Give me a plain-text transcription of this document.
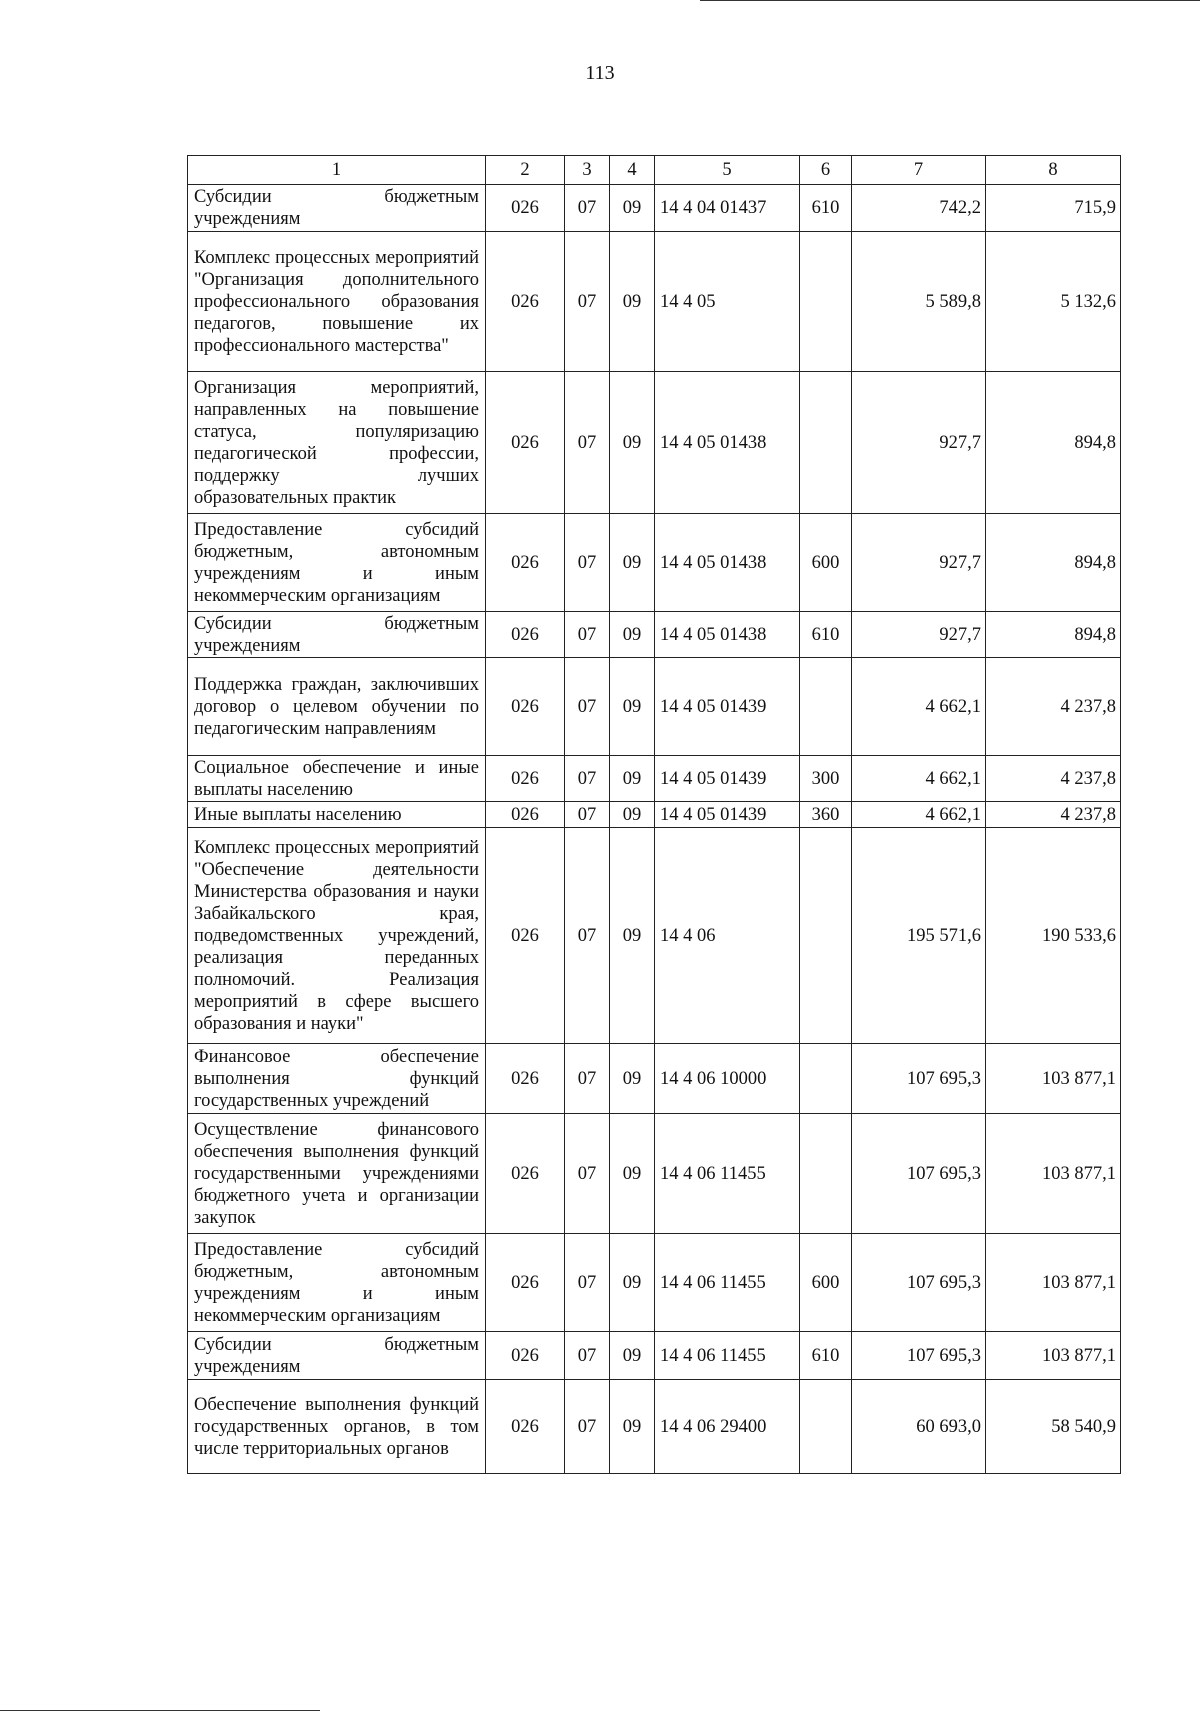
113
1	2	3	4	5	6	7	8
Субсидии бюджетным учреждениям	026	07	09	14 4 04 01437	610	742,2	715,9
Комплекс процессных мероприятий "Организация дополнительного профессионального образования педагогов, повышение их профессионального мастерства"	026	07	09	14 4 05		5 589,8	5 132,6
Организация мероприятий, направленных на повышение статуса, популяризацию педагогической профессии, поддержку лучших образовательных практик	026	07	09	14 4 05 01438		927,7	894,8
Предоставление субсидий бюджетным, автономным учреждениям и иным некоммерческим организациям	026	07	09	14 4 05 01438	600	927,7	894,8
Субсидии бюджетным учреждениям	026	07	09	14 4 05 01438	610	927,7	894,8
Поддержка граждан, заключивших договор о целевом обучении по педагогическим направлениям	026	07	09	14 4 05 01439		4 662,1	4 237,8
Социальное обеспечение и иные выплаты населению	026	07	09	14 4 05 01439	300	4 662,1	4 237,8
Иные выплаты населению	026	07	09	14 4 05 01439	360	4 662,1	4 237,8
Комплекс процессных мероприятий "Обеспечение деятельности Министерства образования и науки Забайкальского края, подведомственных учреждений, реализация переданных полномочий. Реализация мероприятий в сфере высшего образования и науки"	026	07	09	14 4 06		195 571,6	190 533,6
Финансовое обеспечение выполнения функций государственных учреждений	026	07	09	14 4 06 10000		107 695,3	103 877,1
Осуществление финансового обеспечения выполнения функций государственными учреждениями бюджетного учета и организации закупок	026	07	09	14 4 06 11455		107 695,3	103 877,1
Предоставление субсидий бюджетным, автономным учреждениям и иным некоммерческим организациям	026	07	09	14 4 06 11455	600	107 695,3	103 877,1
Субсидии бюджетным учреждениям	026	07	09	14 4 06 11455	610	107 695,3	103 877,1
Обеспечение выполнения функций государственных органов, в том числе территориальных органов	026	07	09	14 4 06 29400		60 693,0	58 540,9
